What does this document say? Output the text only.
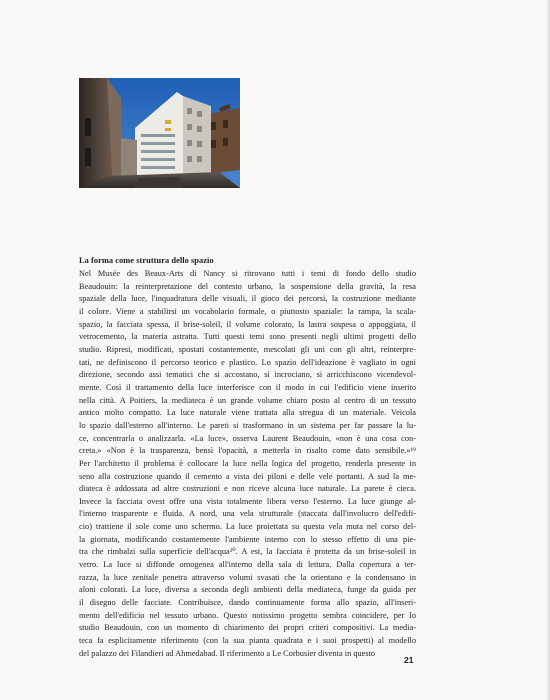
La forma come struttura dello spazio
Nel Musée des Beaux-Arts di Nancy si ritrovano tutti i temi di fondo dello studio
Beaudouin: la reinterpretazione del contesto urbano, la sospensione della gravità, la resa
spaziale della luce, l'inquadratura delle visuali, il gioco dei percorsi, la costruzione mediante
il colore. Viene a stabilirsi un vocabolario formale, o piuttosto spaziale: la rampa, la scala-
spazio, la facciata spessa, il brise-soleil, il volume colorato, la lastra sospesa o appoggiata, il
vetrocemento, la materia astratta. Tutti questi temi sono presenti negli ultimi progetti dello
studio. Ripresi, modificati, spostati costantemente, mescolati gli uni con gli altri, reinterpre-
tati, ne definiscono il percorso teorico e plastico. Lo spazio dell'ideazione è vagliato in ogni
direzione, secondo assi tematici che si accostano, si incrociano, si arricchiscono vicendevol-
mente. Così il trattamento della luce interferisce con il modo in cui l'edificio viene inserito
nella città. A Poitiers, la mediateca è un grande volume chiaro posto al centro di un tessuto
antico molto compatto. La luce naturale viene trattata alla stregua di un materiale. Veicola
lo spazio dall'esterno all'interno. Le pareti si trasformano in un sistema per far passare la lu-
ce, concentrarla o analizzarla. «La luce», osserva Laurent Beaudouin, «non è una cosa con-
creta.» «Non è la trasparenza, bensì l'opacità, a metterla in risalto come dato sensibile.»¹⁹
Per l'architetto il problema è collocare la luce nella logica del progetto, renderla presente in
seno alla costruzione quando il cemento a vista dei piloni e delle vele portanti. A sud la me-
diateca è addossata ad altre costruzioni e non riceve alcuna luce naturale. La parete è cieca.
Invece la facciata ovest offre una vista totalmente libera verso l'esterno. La luce giunge al-
l'interno trasparente e fluida. A nord, una vela strutturale (staccata dall'involucro dell'edifi-
cio) trattiene il sole come uno schermo. La luce proiettata su questa vela muta nel corso del-
la giornata, modificando costantemente l'ambiente interno con lo stesso effetto di una pie-
tra che rimbalzi sulla superficie dell'acqua²⁰. A est, la facciata è protetta da un brise-soleil in
vetro. La luce si diffonde omogenea all'interno della sala di lettura. Dalla copertura a ter-
razza, la luce zenitale penetra attraverso volumi svasati che la orientano e la condensano in
aloni colorati. La luce, diversa a seconda degli ambienti della mediateca, funge da guida per
il disegno delle facciate. Contribuisce, dando continuamente forma allo spazio, all'inseri-
mento dell'edificio nel tessuto urbano. Questo notissimo progetto sembra coincidere, per lo
studio Beaudouin, con un momento di chiarimento dei propri criteri compositivi. La media-
teca fa esplicitamente riferimento (con la sua pianta quadrata e i suoi prospetti) al modello
del palazzo dei Filandieri ad Ahmedabad. Il riferimento a Le Corbusier diventa in questo
21
